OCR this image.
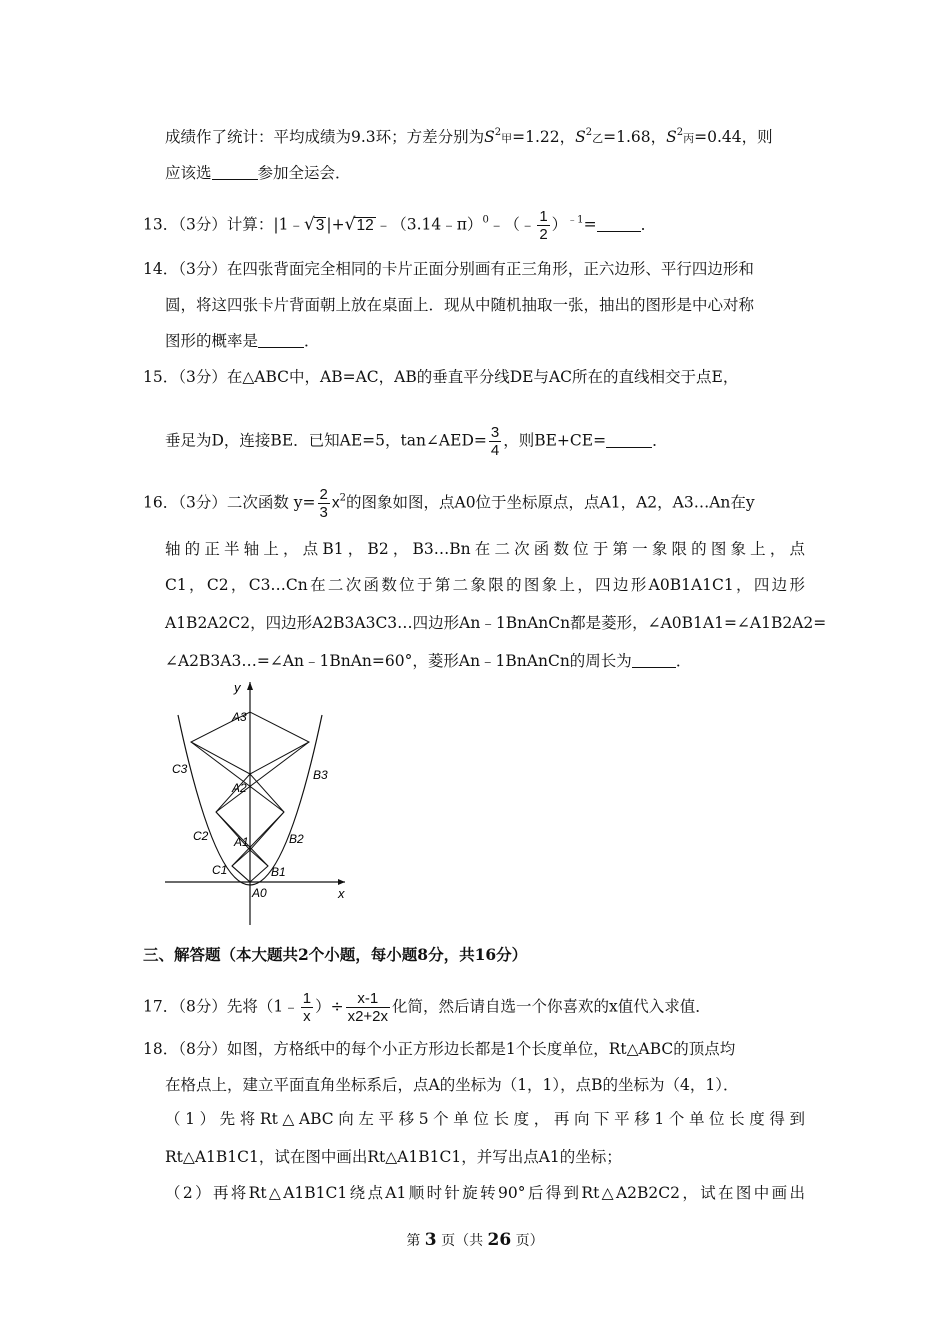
成绩作了统计：平均成绩为9.3环；方差分别为$S^2$甲=1.22，$S^2$乙=1.68，$S^2$丙=0.44，则
应该选	参加全运会．
13．（3分）计算：|1﹣√3 |+√12 ﹣（3.14﹣π）$^0$﹣（﹣ $\frac{1}{2} )^{﹣1}=$	．
14．（3分）在四张背面完全相同的卡片正面分别画有正三角形，正六边形、平行四边形和
圆，将这四张卡片背面朝上放在桌面上．现从中随机抽取一张，抽出的图形是中心对称
图形的概率是	．
15．（3分）在△ABC中，AB=AC，AB的垂直平分线DE与AC所在的直线相交于点E，
垂足为D，连接BE．已知AE=5，tan∠AED= $\frac{3}{4}$ ，则BE+CE=	．
16．（3分）二次函数 $y= \frac{2}{3} x^2$的图象如图，点A0位于坐标原点，点A1，A2，A3…An在y
轴的正半轴上，点B1，B2，B3…Bn在二次函数位于第一象限的图象上，点
C1，C2，C3…Cn在二次函数位于第二象限的图象上，四边形A0B1A1C1，四边形
A1B2A2C2，四边形A2B3A3C3…四边形An﹣1BnAnCn都是菱形，∠A0B1A1=∠A1B2A2=
∠A2B3A3…=∠An﹣1BnAn=60°，菱形An﹣1BnAnCn的周长为	．
y
x
A3
A2
A1
A0
B3
B2
B1
C3
C2
C1
三、解答题（本大题共2个小题，每小题8分，共16分）
17．（8分）先将（1﹣ $\frac{1}{x}$ ）÷ $\frac{x-1}{x2+2x}$ 化简，然后请自选一个你喜欢的x值代入求值．
18．（8分）如图，方格纸中的每个小正方形边长都是1个长度单位，Rt△ABC的顶点均
在格点上，建立平面直角坐标系后，点A的坐标为（1，1），点B的坐标为（4，1）．
（1）先将Rt△ABC向左平移5个单位长度，再向下平移1个单位长度得到
Rt△A1B1C1，试在图中画出Rt△A1B1C1，并写出点A1的坐标；
（2）再将Rt△A1B1C1绕点A1顺时针旋转90°后得到Rt△A2B2C2，试在图中画出
第 3 页（共 26 页）
